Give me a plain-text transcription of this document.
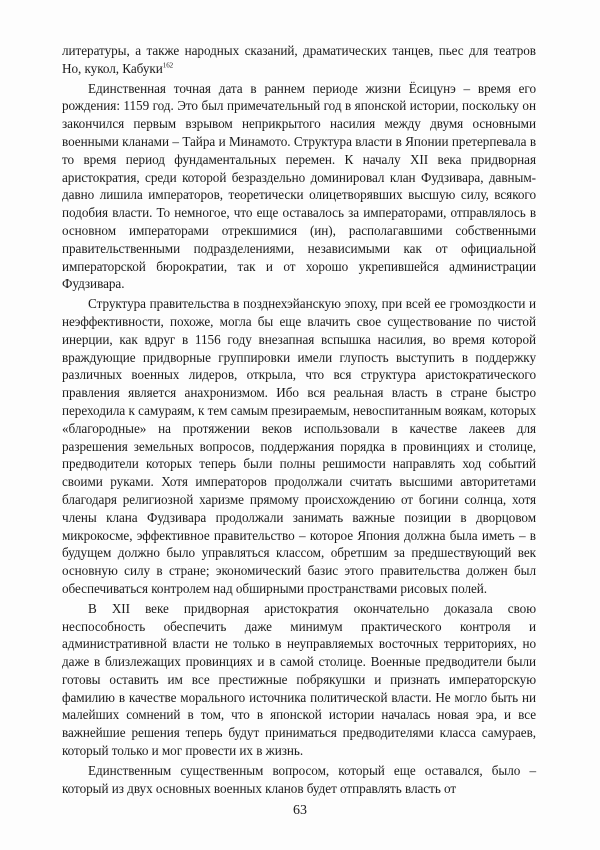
литературы, а также народных сказаний, драматических танцев, пьес для театров Но, кукол, Кабуки$^{162}$

Единственная точная дата в раннем периоде жизни Ёсицунэ – время его рождения: 1159 год. Это был примечательный год в японской истории, поскольку он закончился первым взрывом неприкрытого насилия между двумя основными военными кланами – Тайра и Минамото. Структура власти в Японии претерпевала в то время период фундаментальных перемен. К началу XII века придворная аристократия, среди которой безраздельно доминировал клан Фудзивара, давным-давно лишила императоров, теоретически олицетворявших высшую силу, всякого подобия власти. То немногое, что еще оставалось за императорами, отправлялось в основном императорами отрекшимися (ин), располагавшими собственными правительственными подразделениями, независимыми как от официальной императорской бюрократии, так и от хорошо укрепившейся администрации Фудзивара.

Структура правительства в позднехэйанскую эпоху, при всей ее громоздкости и неэффективности, похоже, могла бы еще влачить свое существование по чистой инерции, как вдруг в 1156 году внезапная вспышка насилия, во время которой враждующие придворные группировки имели глупость выступить в поддержку различных военных лидеров, открыла, что вся структура аристократического правления является анахронизмом. Ибо вся реальная власть в стране быстро переходила к самураям, к тем самым презираемым, невоспитанным воякам, которых «благородные» на протяжении веков использовали в качестве лакеев для разрешения земельных вопросов, поддержания порядка в провинциях и столице, предводители которых теперь были полны решимости направлять ход событий своими руками. Хотя императоров продолжали считать высшими авторитетами благодаря религиозной харизме прямому происхождению от богини солнца, хотя члены клана Фудзивара продолжали занимать важные позиции в дворцовом микрокосме, эффективное правительство – которое Япония должна была иметь – в будущем должно было управляться классом, обретшим за предшествующий век основную силу в стране; экономический базис этого правительства должен был обеспечиваться контролем над обширными пространствами рисовых полей.

В XII веке придворная аристократия окончательно доказала свою неспособность обеспечить даже минимум практического контроля и административной власти не только в неуправляемых восточных территориях, но даже в близлежащих провинциях и в самой столице. Военные предводители были готовы оставить им все престижные побрякушки и признать императорскую фамилию в качестве морального источника политической власти. Не могло быть ни малейших сомнений в том, что в японской истории началась новая эра, и все важнейшие решения теперь будут приниматься предводителями класса самураев, который только и мог провести их в жизнь.

Единственным существенным вопросом, который еще оставался, было – который из двух основных военных кланов будет отправлять власть от

63
